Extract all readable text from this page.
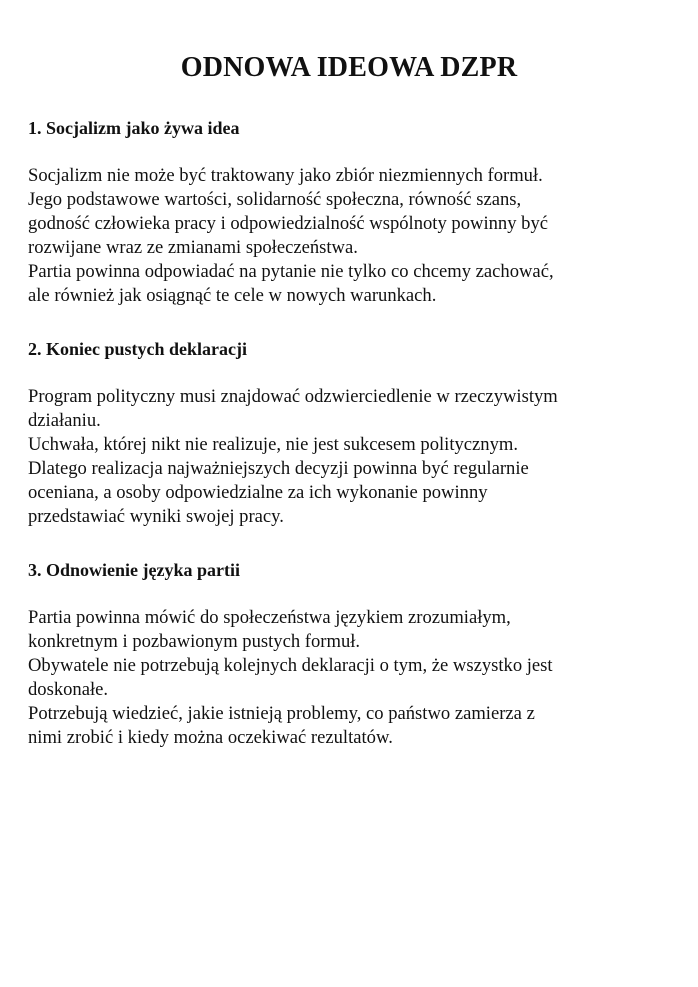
ODNOWA IDEOWA DZPR
1. Socjalizm jako żywa idea

Socjalizm nie może być traktowany jako zbiór niezmiennych formuł.
Jego podstawowe wartości, solidarność społeczna, równość szans,
godność człowieka pracy i odpowiedzialność wspólnoty powinny być
rozwijane wraz ze zmianami społeczeństwa.

Partia powinna odpowiadać na pytanie nie tylko co chcemy zachować,
ale również jak osiągnąć te cele w nowych warunkach.

2. Koniec pustych deklaracji

Program polityczny musi znajdować odzwierciedlenie w rzeczywistym
działaniu.

Uchwała, której nikt nie realizuje, nie jest sukcesem politycznym.

Dlatego realizacja najważniejszych decyzji powinna być regularnie
oceniana, a osoby odpowiedzialne za ich wykonanie powinny
przedstawiać wyniki swojej pracy.

3. Odnowienie języka partii

Partia powinna mówić do społeczeństwa językiem zrozumiałym,
konkretnym i pozbawionym pustych formuł.

Obywatele nie potrzebują kolejnych deklaracji o tym, że wszystko jest
doskonałe.

Potrzebują wiedzieć, jakie istnieją problemy, co państwo zamierza z
nimi zrobić i kiedy można oczekiwać rezultatów.
